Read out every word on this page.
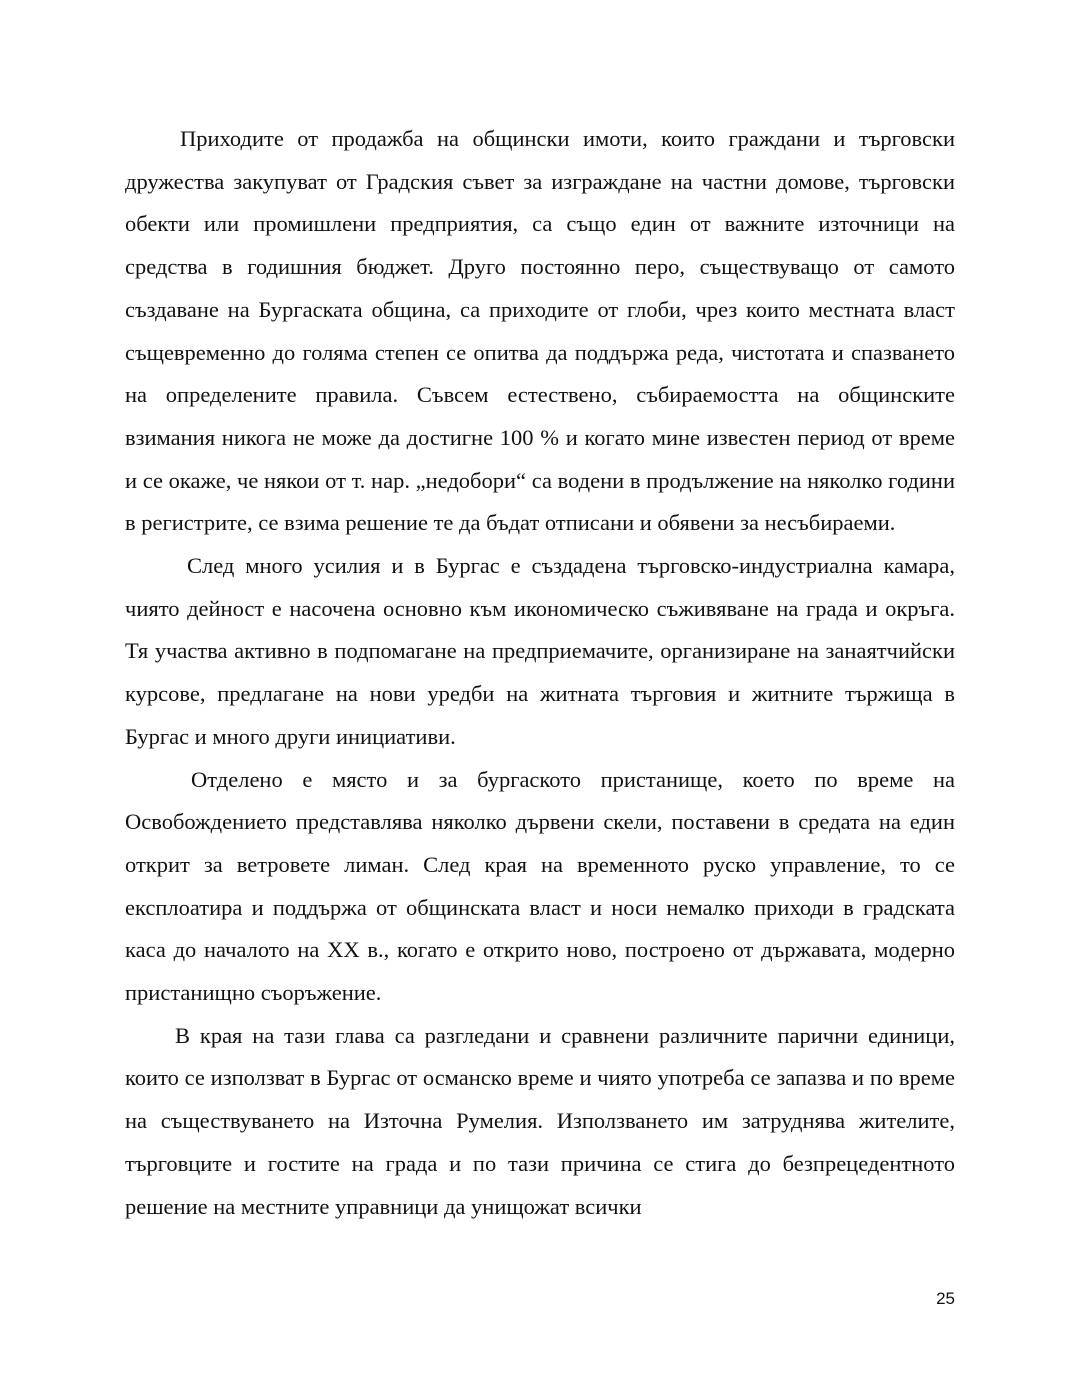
Приходите от продажба на общински имоти, които граждани и търговски дружества закупуват от Градския съвет за изграждане на частни домове, търговски обекти или промишлени предприятия, са също един от важните източници на средства в годишния бюджет. Друго постоянно перо, съществуващо от самото създаване на Бургаската община, са приходите от глоби, чрез които местната власт същевременно до голяма степен се опитва да поддържа реда, чистотата и спазването на определените правила. Съвсем естествено, събираемостта на общинските взимания никога не може да достигне 100 % и когато мине известен период от време и се окаже, че някои от т. нар. „недобори“ са водени в продължение на няколко години в регистрите, се взима решение те да бъдат отписани и обявени за несъбираеми.

След много усилия и в Бургас е създадена търговско-индустриална камара, чиято дейност е насочена основно към икономическо съживяване на града и окръга. Тя участва активно в подпомагане на предприемачите, организиране на занаятчийски курсове, предлагане на нови уредби на житната търговия и житните тържища в Бургас и много други инициативи.

Отделено е място и за бургаското пристанище, което по време на Освобождението представлява няколко дървени скели, поставени в средата на един открит за ветровете лиман. След края на временното руско управление, то се експлоатира и поддържа от общинската власт и носи немалко приходи в градската каса до началото на XX в., когато е открито ново, построено от държавата, модерно пристанищно съоръжение.

В края на тази глава са разгледани и сравнени различните парични единици, които се използват в Бургас от османско време и чиято употреба се запазва и по време на съществуването на Източна Румелия. Използването им затруднява жителите, търговците и гостите на града и по тази причина се стига до безпрецедентното решение на местните управници да унищожат всички

25
